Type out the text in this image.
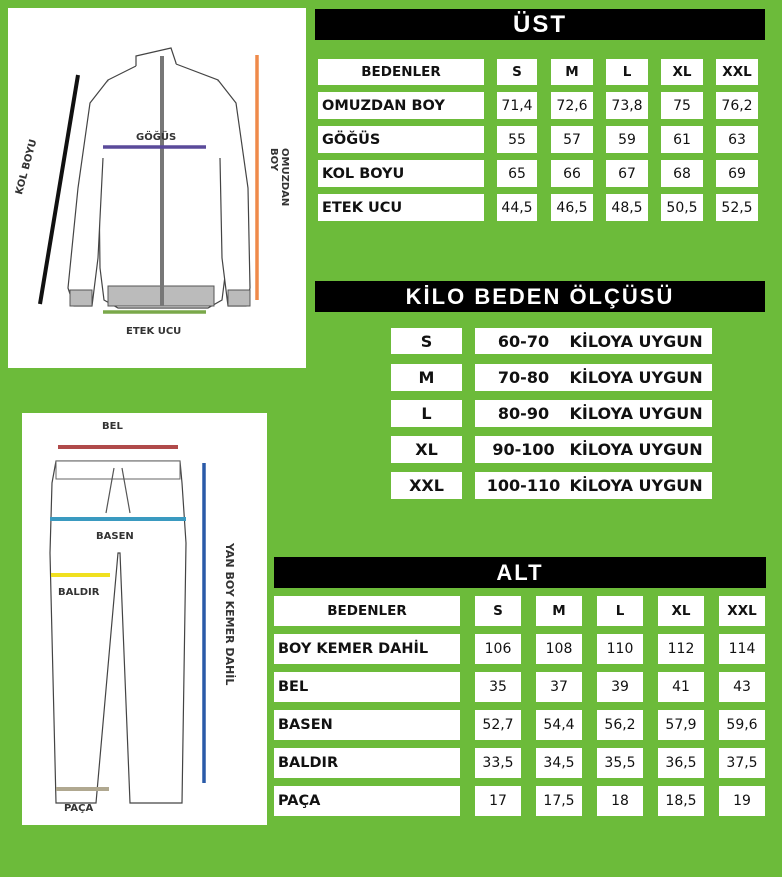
GÖĞÜS
KOL BOYU	OMUZDAN BOY
ETEK UCU
BEL
BASEN
BALDIR
PAÇA
YAN BOY KEMER DAHİL
ÜST
BEDENLER	S	M	L	XL	XXL
OMUZDAN BOY	71,4	72,6	73,8	75	76,2
GÖĞÜS	55	57	59	61	63
KOL BOYU	65	66	67	68	69
ETEK UCU	44,5	46,5	48,5	50,5	52,5
KİLO BEDEN ÖLÇÜSÜ
S	60-70	KİLOYA UYGUN
M	70-80	KİLOYA UYGUN
L	80-90	KİLOYA UYGUN
XL	90-100 KİLOYA UYGUN
XXL	100-110 KİLOYA UYGUN
ALT
BEDENLER	S	M	L	XL	XXL
BOY KEMER DAHİL	106	108	110	112	114
BEL	35	37	39	41	43
BASEN	52,7	54,4	56,2	57,9	59,6
BALDIR	33,5	34,5	35,5	36,5	37,5
PAÇA	17	17,5	18	18,5	19
